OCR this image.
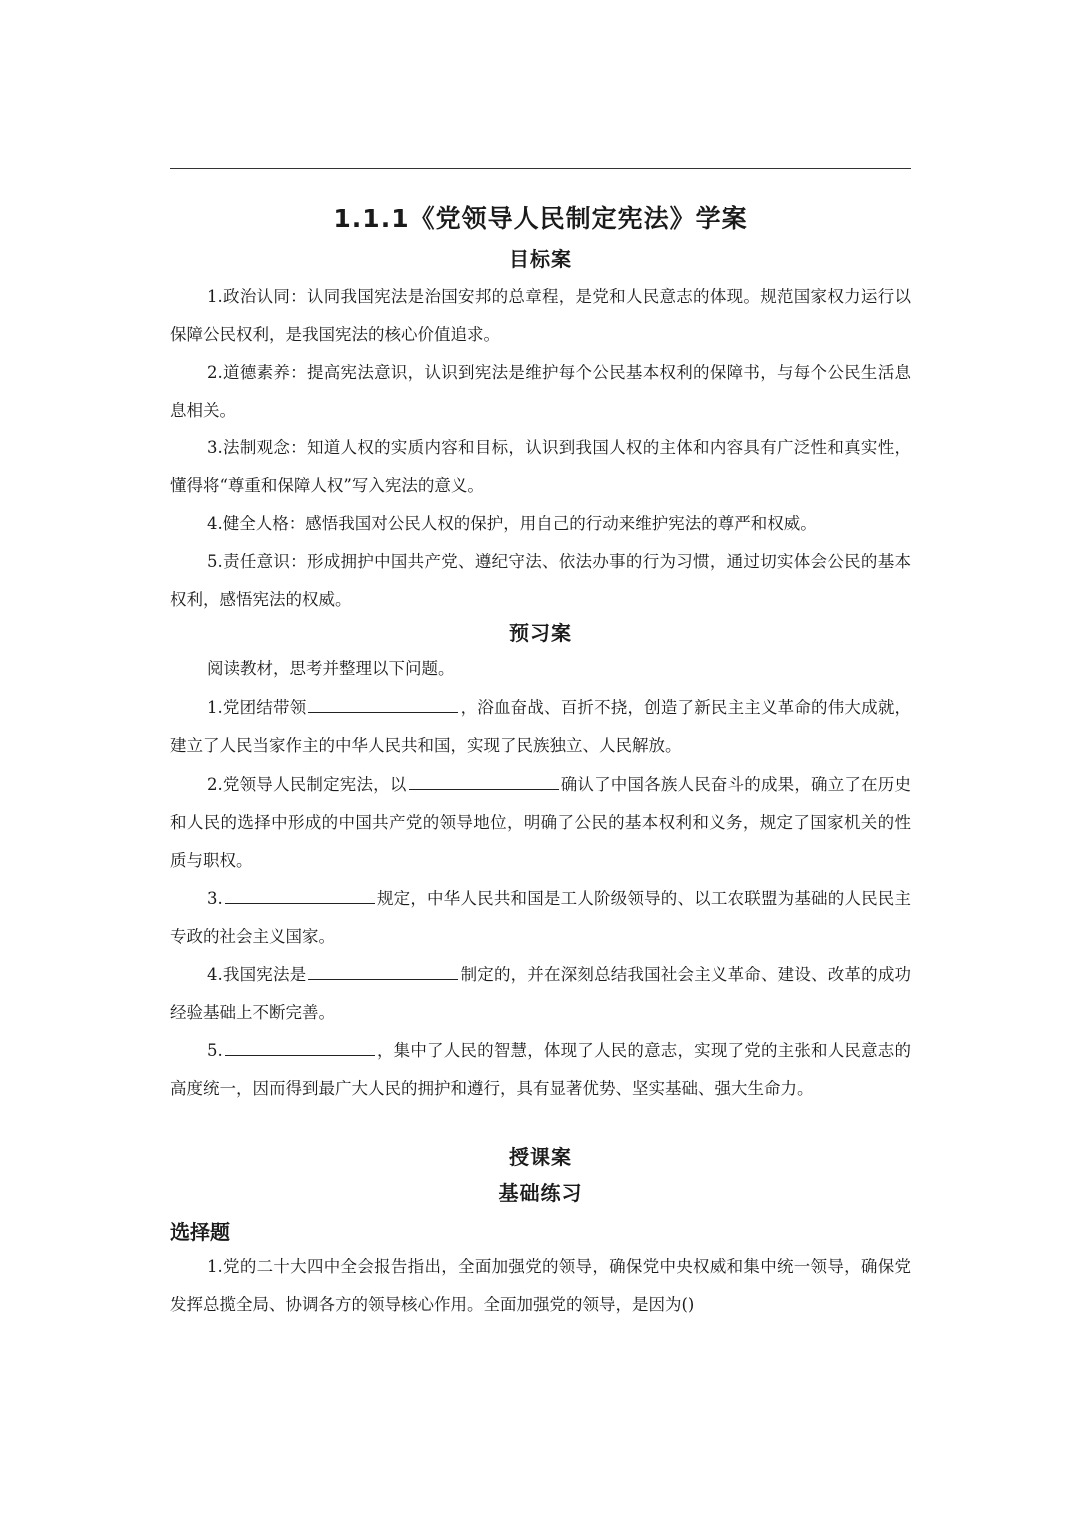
1.1.1《党领导人民制定宪法》学案
目标案
1.政治认同：认同我国宪法是治国安邦的总章程，是党和人民意志的体现。规范国家权力运行以保障公民权利，是我国宪法的核心价值追求。
2.道德素养：提高宪法意识，认识到宪法是维护每个公民基本权利的保障书，与每个公民生活息息相关。
3.法制观念：知道人权的实质内容和目标，认识到我国人权的主体和内容具有广泛性和真实性，懂得将“尊重和保障人权”写入宪法的意义。
4.健全人格：感悟我国对公民人权的保护，用自己的行动来维护宪法的尊严和权威。
5.责任意识：形成拥护中国共产党、遵纪守法、依法办事的行为习惯，通过切实体会公民的基本权利，感悟宪法的权威。
预习案
阅读教材，思考并整理以下问题。
1.党团结带领	，浴血奋战、百折不挠，创造了新民主主义革命的伟大成就，建立了人民当家作主的中华人民共和国，实现了民族独立、人民解放。
2.党领导人民制定宪法，以	确认了中国各族人民奋斗的成果，确立了在历史和人民的选择中形成的中国共产党的领导地位，明确了公民的基本权利和义务，规定了国家机关的性质与职权。
3.	规定，中华人民共和国是工人阶级领导的、以工农联盟为基础的人民民主专政的社会主义国家。
4.我国宪法是	制定的，并在深刻总结我国社会主义革命、建设、改革的成功经验基础上不断完善。
5.	，集中了人民的智慧，体现了人民的意志，实现了党的主张和人民意志的高度统一，因而得到最广大人民的拥护和遵行，具有显著优势、坚实基础、强大生命力。
授课案
基础练习
选择题
1.党的二十大四中全会报告指出，全面加强党的领导，确保党中央权威和集中统一领导，确保党发挥总揽全局、协调各方的领导核心作用。全面加强党的领导，是因为()
